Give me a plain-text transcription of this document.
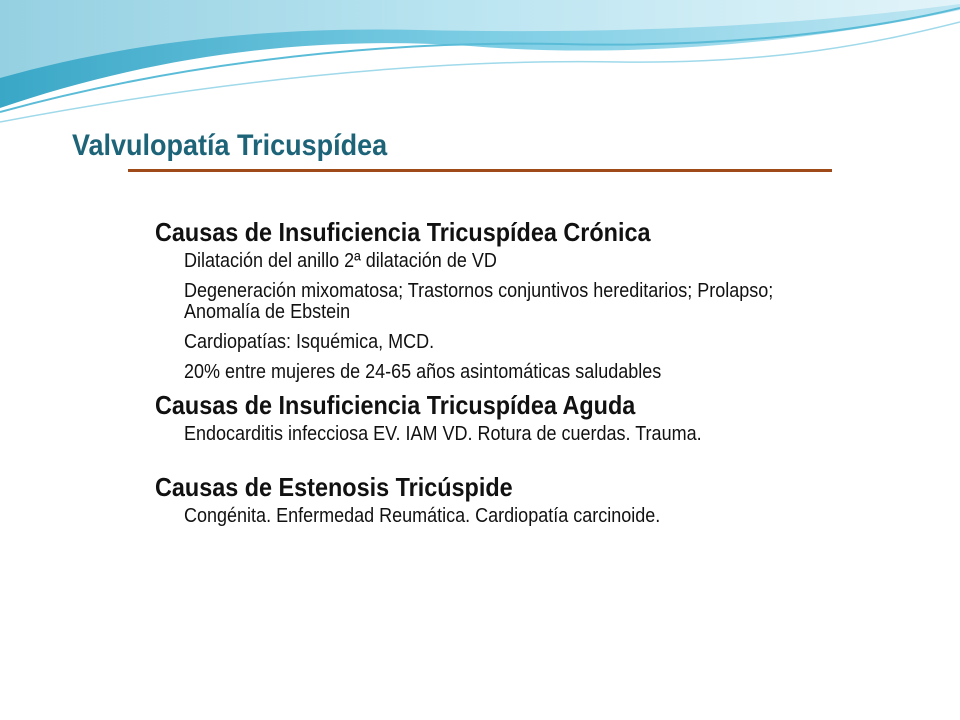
Valvulopatía Tricuspídea
Causas de Insuficiencia Tricuspídea Crónica
Dilatación del anillo 2ª dilatación de VD
Degeneración mixomatosa; Trastornos conjuntivos hereditarios; Prolapso; Anomalía de Ebstein
Cardiopatías: Isquémica, MCD.
20% entre mujeres de 24-65 años asintomáticas saludables
Causas de Insuficiencia Tricuspídea Aguda
Endocarditis infecciosa EV. IAM VD. Rotura de cuerdas. Trauma.
Causas de Estenosis Tricúspide
Congénita. Enfermedad Reumática. Cardiopatía carcinoide.
